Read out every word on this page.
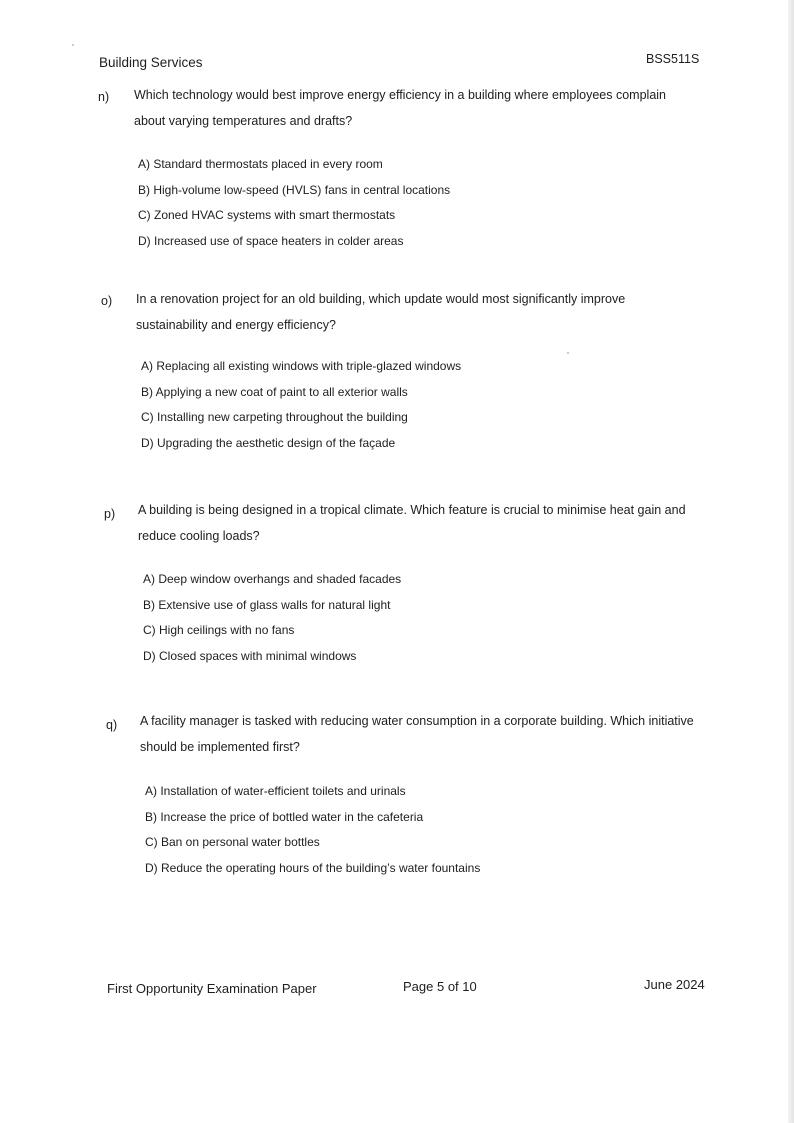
Building Services	BSS511S
n) Which technology would best improve energy efficiency in a building where employees complain about varying temperatures and drafts?

A) Standard thermostats placed in every room
B) High-volume low-speed (HVLS) fans in central locations
C) Zoned HVAC systems with smart thermostats
D) Increased use of space heaters in colder areas
o) In a renovation project for an old building, which update would most significantly improve sustainability and energy efficiency?

A) Replacing all existing windows with triple-glazed windows
B) Applying a new coat of paint to all exterior walls
C) Installing new carpeting throughout the building
D) Upgrading the aesthetic design of the façade
p) A building is being designed in a tropical climate. Which feature is crucial to minimise heat gain and reduce cooling loads?

A) Deep window overhangs and shaded facades
B) Extensive use of glass walls for natural light
C) High ceilings with no fans
D) Closed spaces with minimal windows
q) A facility manager is tasked with reducing water consumption in a corporate building. Which initiative should be implemented first?

A) Installation of water-efficient toilets and urinals
B) Increase the price of bottled water in the cafeteria
C) Ban on personal water bottles
D) Reduce the operating hours of the building’s water fountains
First Opportunity Examination Paper	Page 5 of 10	June 2024
